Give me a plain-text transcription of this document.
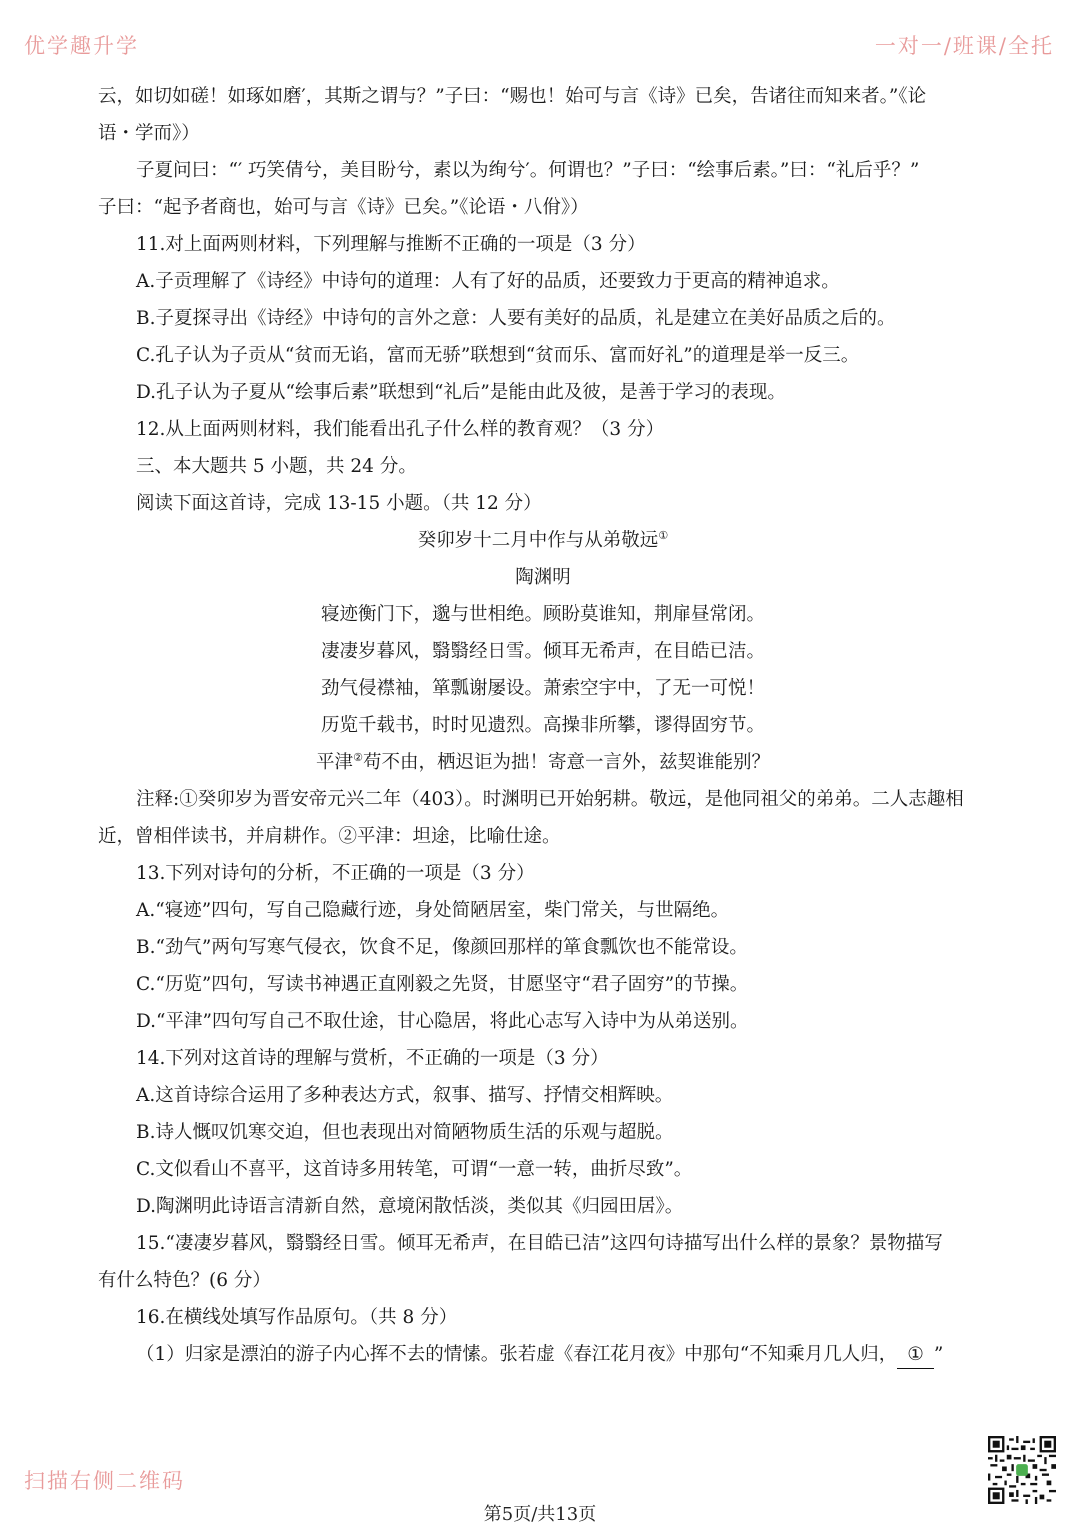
优学趣升学	一对一/班课/全托
云，如切如磋！如琢如磨′，其斯之谓与？”子曰：“赐也！始可与言《诗》已矣，告诸往而知来者。”《论
语・学而》）
子夏问曰：“′ 巧笑倩兮，美目盼兮，素以为绚兮′。何谓也？”子曰：“绘事后素。”曰：“礼后乎？”
子曰：“起予者商也，始可与言《诗》已矣。”《论语・八佾》）
11.对上面两则材料，下列理解与推断不正确的一项是（3 分）
A.子贡理解了《诗经》中诗句的道理：人有了好的品质，还要致力于更高的精神追求。
B.子夏探寻出《诗经》中诗句的言外之意：人要有美好的品质，礼是建立在美好品质之后的。
C.孔子认为子贡从“贫而无谄，富而无骄”联想到“贫而乐、富而好礼”的道理是举一反三。
D.孔子认为子夏从“绘事后素”联想到“礼后”是能由此及彼，是善于学习的表现。
12.从上面两则材料，我们能看出孔子什么样的教育观？（3 分）
三、本大题共 5 小题，共 24 分。
阅读下面这首诗，完成 13-15 小题。（共 12 分）
癸卯岁十二月中作与从弟敬远①
陶渊明
寝迹衡门下，邈与世相绝。顾盼莫谁知，荆扉昼常闭。
凄凄岁暮风，翳翳经日雪。倾耳无希声，在目皓已洁。
劲气侵襟袖，箪瓢谢屡设。萧索空宇中，了无一可悦！
历览千载书，时时见遗烈。高操非所攀，谬得固穷节。
平津②苟不由，栖迟讵为拙！寄意一言外，兹契谁能别？
注释:①癸卯岁为晋安帝元兴二年（403）。时渊明已开始躬耕。敬远，是他同祖父的弟弟。二人志趣相
近，曾相伴读书，并肩耕作。②平津：坦途，比喻仕途。
13.下列对诗句的分析，不正确的一项是（3 分）
A.“寝迹”四句，写自己隐藏行迹，身处简陋居室，柴门常关，与世隔绝。
B.“劲气”两句写寒气侵衣，饮食不足，像颜回那样的箪食瓢饮也不能常设。
C.“历览”四句，写读书神遇正直刚毅之先贤，甘愿坚守“君子固穷”的节操。
D.“平津”四句写自己不取仕途，甘心隐居，将此心志写入诗中为从弟送别。
14.下列对这首诗的理解与赏析，不正确的一项是（3 分）
A.这首诗综合运用了多种表达方式，叙事、描写、抒情交相辉映。
B.诗人慨叹饥寒交迫，但也表现出对简陋物质生活的乐观与超脱。
C.文似看山不喜平，这首诗多用转笔，可谓“一意一转，曲折尽致”。
D.陶渊明此诗语言清新自然，意境闲散恬淡，类似其《归园田居》。
15.“凄凄岁暮风，翳翳经日雪。倾耳无希声，在目皓已洁”这四句诗描写出什么样的景象？景物描写
有什么特色？(6 分）
16.在横线处填写作品原句。（共 8 分）
（1）归家是漂泊的游子内心挥不去的情愫。张若虚《春江花月夜》中那句“不知乘月几人归， ① ”
扫描右侧二维码
第5页/共13页
